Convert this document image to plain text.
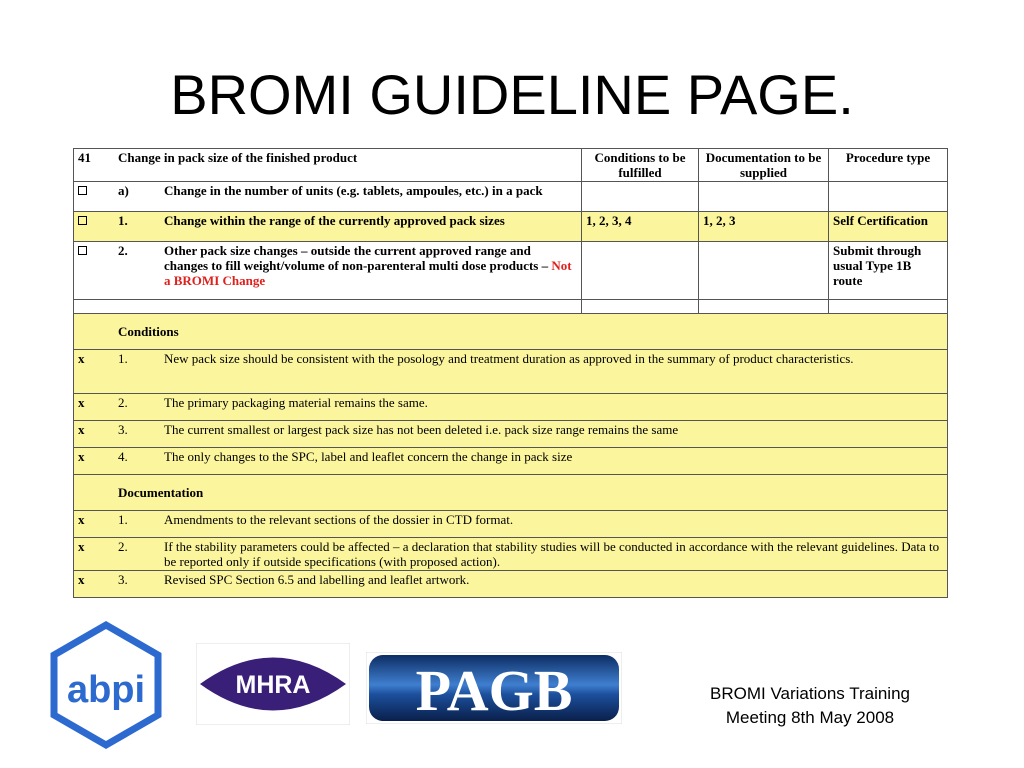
BROMI GUIDELINE PAGE.
41 Change in pack size of the finished product	Conditions to be fulfilled	Documentation to be supplied	Procedure type

a) Change in the number of units (e.g. tablets, ampoules, etc.) in a pack			

1. Change within the range of the currently approved pack sizes	1, 2, 3, 4	1, 2, 3	Self Certification

2. Other pack size changes – outside the current approved range and changes to fill weight/volume of non-parenteral multi dose products – Not a BROMI Change			Submit through usual Type 1B route

Conditions			

x 1. New pack size should be consistent with the posology and treatment duration as approved in the summary of product characteristics.			

x 2. The primary packaging material remains the same.			

x 3. The current smallest or largest pack size has not been deleted i.e. pack size range remains the same			

x 4. The only changes to the SPC, label and leaflet concern the change in pack size			

Documentation			

x 1. Amendments to the relevant sections of the dossier in CTD format.			

x 2. If the stability parameters could be affected – a declaration that stability studies will be conducted in accordance with the relevant guidelines. Data to be reported only if outside specifications (with proposed action).			

x 3. Revised SPC Section 6.5 and labelling and leaflet artwork.			
abpi	MHRA PAGB	BROMI Variations Training
Meeting 8th May 2008
